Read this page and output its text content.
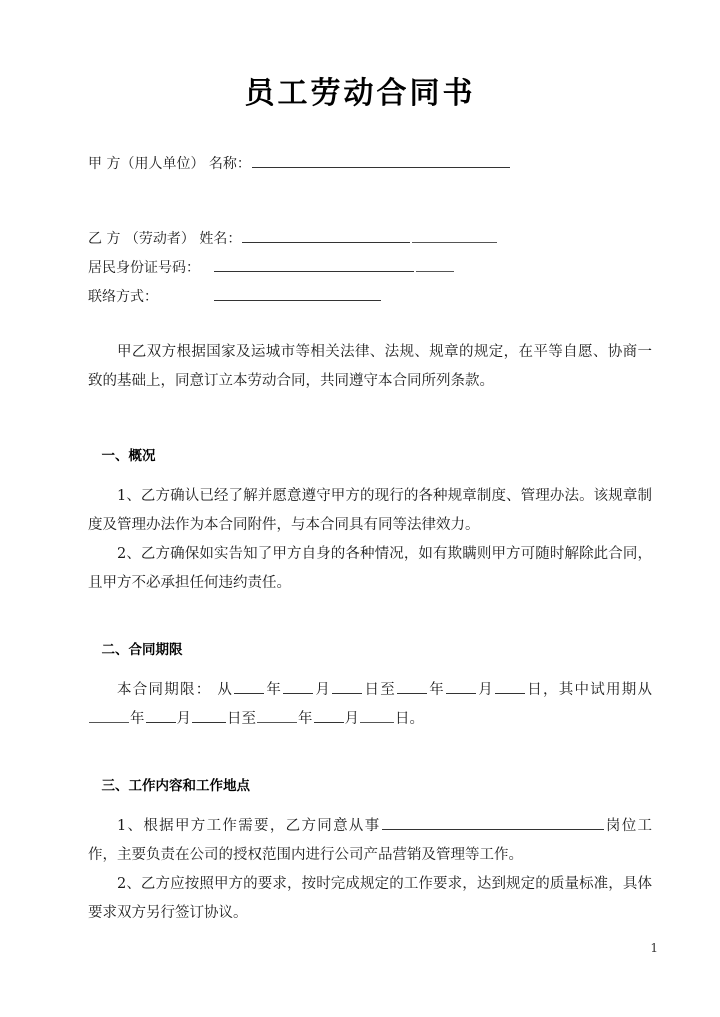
员工劳动合同书
甲 方（用人单位） 名称：
乙 方 （劳动者） 姓名：
居民身份证号码：
联络方式：
甲乙双方根据国家及运城市等相关法律、法规、规章的规定，在平等自愿、协商一致的基础上，同意订立本劳动合同，共同遵守本合同所列条款。
一、概况
1、乙方确认已经了解并愿意遵守甲方的现行的各种规章制度、管理办法。该规章制度及管理办法作为本合同附件，与本合同具有同等法律效力。
2、乙方确保如实告知了甲方自身的各种情况，如有欺瞒则甲方可随时解除此合同，且甲方不必承担任何违约责任。
二、合同期限
本合同期限： 从 年 月 日至 年 月 日，其中试用期从年 月 日至	年 月 日。
三、工作内容和工作地点
1、根据甲方工作需要，乙方同意从事	岗位工作，主要负责在公司的授权范围内进行公司产品营销及管理等工作。
2、乙方应按照甲方的要求，按时完成规定的工作要求，达到规定的质量标准，具体要求双方另行签订协议。
1
